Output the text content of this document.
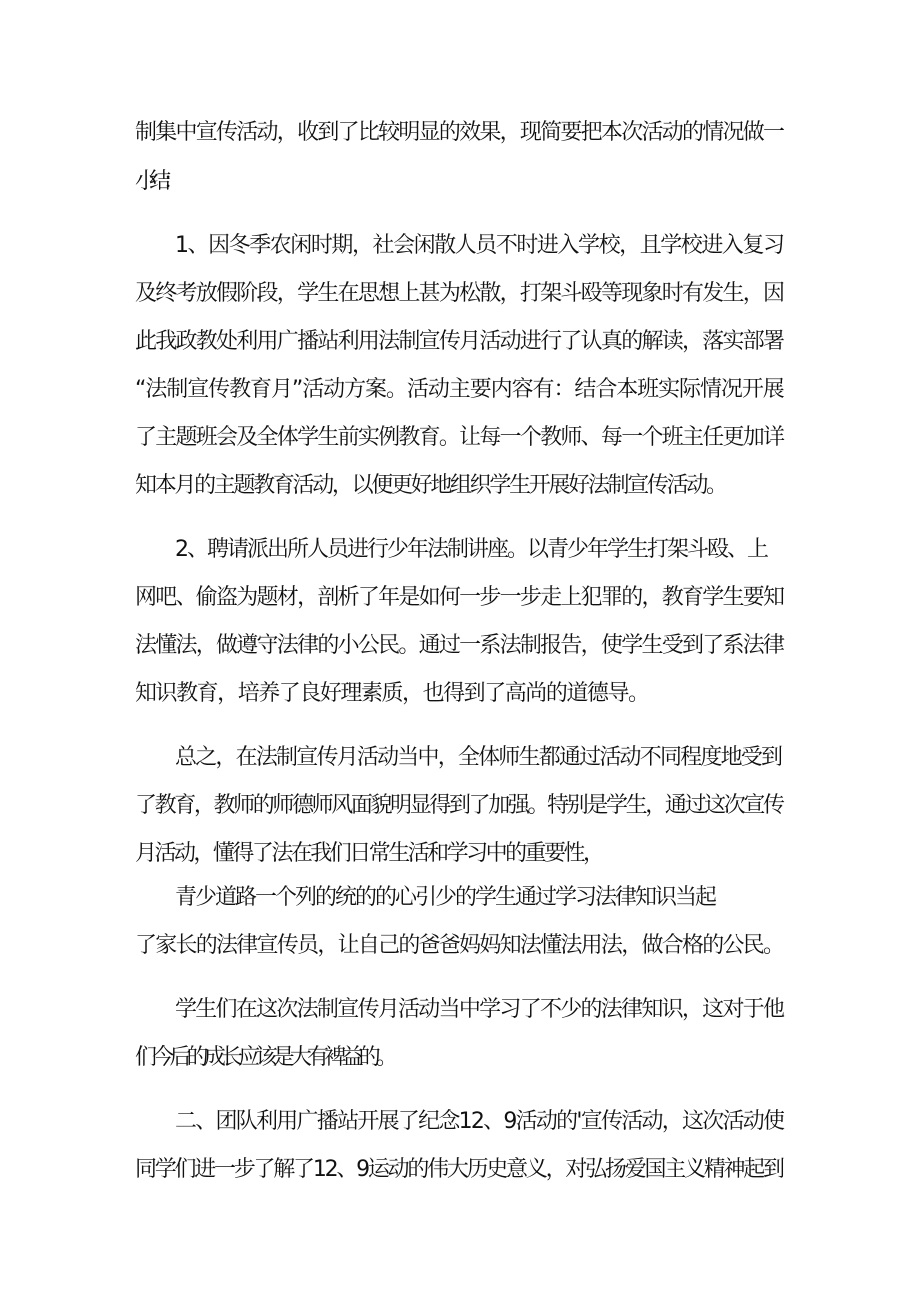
制集中宣传活动，收到了比较明显的效果，现简要把本次活动的情况做一
小结：
1、因冬季农闲时期，社会闲散人员不时进入学校，且学校进入复习
及终考放假阶段，学生在思想上甚为松散，打架斗殴等现象时有发生，因
此我政教处利用广播站利用法制宣传月活动进行了认真的解读，落实部署
“法制宣传教育月”活动方案。活动主要内容有：结合本班实际情况开展
了主题班会及全体学生前实例教育。让每一个教师、每一个班主任更加详
知本月的主题教育活动，以便更好地组织学生开展好法制宣传活动。
2、聘请派出所人员进行少年法制讲座。以青少年学生打架斗殴、上
网吧、偷盗为题材，剖析了年是如何一步一步走上犯罪的，教育学生要知
法懂法，做遵守法律的小公民。通过一系法制报告，使学生受到了系法律
知识教育，培养了良好理素质，也得到了高尚的道德导。
总之，在法制宣传月活动当中，全体师生都通过活动不同程度地受到
了教育，教师的师德师风面貌明显得到了加强。特别是学生，通过这次宣传
月活动，懂得了法在我们日常生活和学习中的重要性，
青少道路一个列的统的的心引少的学生通过学习法律知识当起
了家长的法律宣传员，让自己的爸爸妈妈知法懂法用法，做合格的公民。
学生们在这次法制宣传月活动当中学习了不少的法律知识，这对于他
们今后的成长应该是大有裨益的。
二、团队利用广播站开展了纪念12、9活动的'宣传活动，这次活动使
同学们进一步了解了12、9运动的伟大历史意义，对弘扬爱国主义精神起到
